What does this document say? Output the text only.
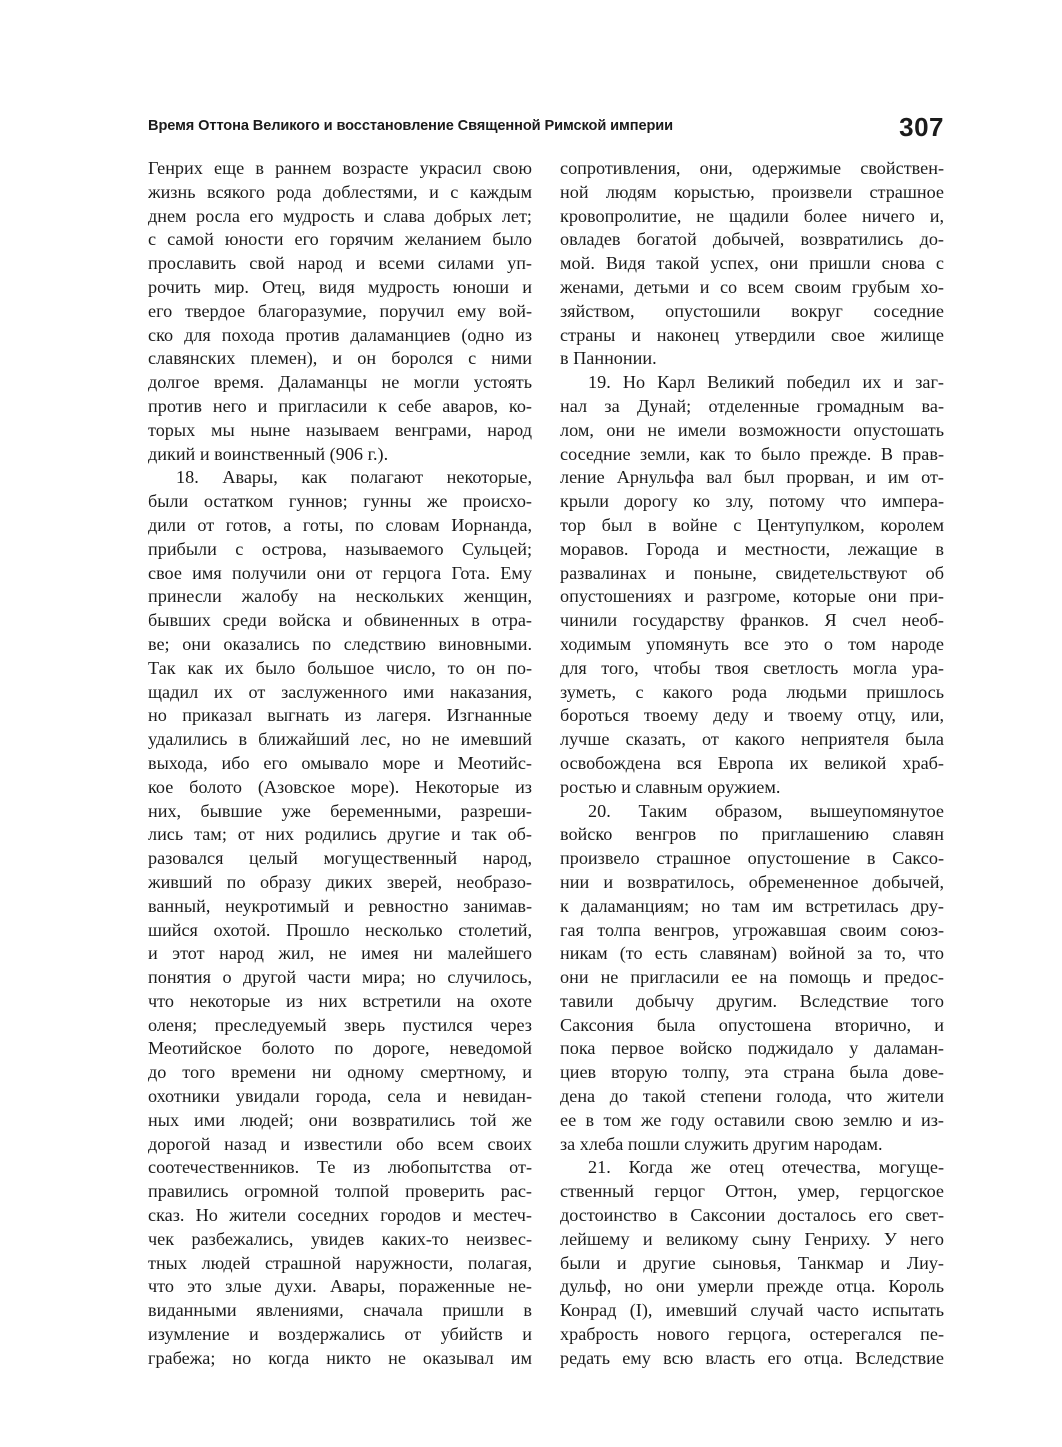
Время Оттона Великого и восстановление Священной Римской империи	307
Генрих еще в раннем возрасте украсил свою
жизнь всякого рода доблестями, и с каждым
днем росла его мудрость и слава добрых лет;
с самой юности его горячим желанием было
прославить свой народ и всеми силами уп-
рочить мир. Отец, видя мудрость юноши и
его твердое благоразумие, поручил ему вой-
ско для похода против даламанциев (одно из
славянских племен), и он боролся с ними
долгое время. Даламанцы не могли устоять
против него и пригласили к себе аваров, ко-
торых мы ныне называем венграми, народ
дикий и воинственный (906 г.).
18. Авары, как полагают некоторые,
были остатком гуннов; гунны же происхо-
дили от готов, а готы, по словам Иорнанда,
прибыли с острова, называемого Сульцей;
свое имя получили они от герцога Гота. Ему
принесли жалобу на нескольких женщин,
бывших среди войска и обвиненных в отра-
ве; они оказались по следствию виновными.
Так как их было большое число, то он по-
щадил их от заслуженного ими наказания,
но приказал выгнать из лагеря. Изгнанные
удалились в ближайший лес, но не имевший
выхода, ибо его омывало море и Меотийс-
кое болото (Азовское море). Некоторые из
них, бывшие уже беременными, разреши-
лись там; от них родились другие и так об-
разовался целый могущественный народ,
живший по образу диких зверей, необразо-
ванный, неукротимый и ревностно занимав-
шийся охотой. Прошло несколько столетий,
и этот народ жил, не имея ни малейшего
понятия о другой части мира; но случилось,
что некоторые из них встретили на охоте
оленя; преследуемый зверь пустился через
Меотийское болото по дороге, неведомой
до того времени ни одному смертному, и
охотники увидали города, села и невидан-
ных ими людей; они возвратились той же
дорогой назад и известили обо всем своих
соотечественников. Те из любопытства от-
правились огромной толпой проверить рас-
сказ. Но жители соседних городов и местеч-
чек разбежались, увидев каких-то неизвес-
тных людей страшной наружности, полагая,
что это злые духи. Авары, пораженные не-
виданными явлениями, сначала пришли в
изумление и воздержались от убийств и
грабежа; но когда никто не оказывал им
сопротивления, они, одержимые свойствен-
ной людям корыстью, произвели страшное
кровопролитие, не щадили более ничего и,
овладев богатой добычей, возвратились до-
мой. Видя такой успех, они пришли снова с
женами, детьми и со всем своим грубым хо-
зяйством, опустошили вокруг соседние
страны и наконец утвердили свое жилище
в Паннонии.
19. Но Карл Великий победил их и заг-
нал за Дунай; отделенные громадным ва-
лом, они не имели возможности опустошать
соседние земли, как то было прежде. В прав-
ление Арнульфа вал был прорван, и им от-
крыли дорогу ко злу, потому что импера-
тор был в войне с Центупулком, королем
моравов. Города и местности, лежащие в
развалинах и поныне, свидетельствуют об
опустошениях и разгроме, которые они при-
чинили государству франков. Я счел необ-
ходимым упомянуть все это о том народе
для того, чтобы твоя светлость могла ура-
зуметь, с какого рода людьми пришлось
бороться твоему деду и твоему отцу, или,
лучше сказать, от какого неприятеля была
освобождена вся Европа их великой храб-
ростью и славным оружием.
20. Таким образом, вышеупомянутое
войско венгров по приглашению славян
произвело страшное опустошение в Саксо-
нии и возвратилось, обремененное добычей,
к даламанциям; но там им встретилась дру-
гая толпа венгров, угрожавшая своим союз-
никам (то есть славянам) войной за то, что
они не пригласили ее на помощь и предос-
тавили добычу другим. Вследствие того
Саксония была опустошена вторично, и
пока первое войско поджидало у даламан-
циев вторую толпу, эта страна была дове-
дена до такой степени голода, что жители
ее в том же году оставили свою землю и из-
за хлеба пошли служить другим народам.
21. Когда же отец отечества, могуще-
ственный герцог Оттон, умер, герцогское
достоинство в Саксонии досталось его свет-
лейшему и великому сыну Генриху. У него
были и другие сыновья, Танкмар и Лиу-
дульф, но они умерли прежде отца. Король
Конрад (I), имевший случай часто испытать
храбрость нового герцога, остерегался пе-
редать ему всю власть его отца. Вследствие
